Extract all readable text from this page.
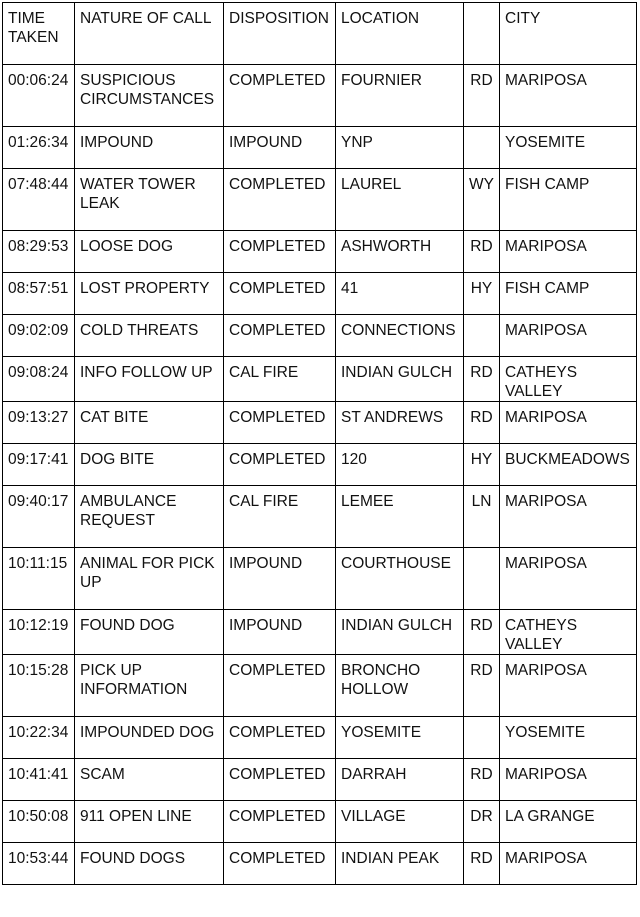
TIME TAKEN	NATURE OF CALL	DISPOSITION	LOCATION		CITY
00:06:24	SUSPICIOUS CIRCUMSTANCES	COMPLETED	FOURNIER	RD	MARIPOSA
01:26:34	IMPOUND	IMPOUND	YNP		YOSEMITE
07:48:44	WATER TOWER LEAK	COMPLETED	LAUREL	WY	FISH CAMP
08:29:53	LOOSE DOG	COMPLETED	ASHWORTH	RD	MARIPOSA
08:57:51	LOST PROPERTY	COMPLETED	41	HY	FISH CAMP
09:02:09	COLD THREATS	COMPLETED	CONNECTIONS		MARIPOSA
09:08:24	INFO FOLLOW UP	CAL FIRE	INDIAN GULCH	RD	CATHEYS VALLEY
09:13:27	CAT BITE	COMPLETED	ST ANDREWS	RD	MARIPOSA
09:17:41	DOG BITE	COMPLETED	120	HY	BUCKMEADOWS
09:40:17	AMBULANCE REQUEST	CAL FIRE	LEMEE	LN	MARIPOSA
10:11:15	ANIMAL FOR PICK UP	IMPOUND	COURTHOUSE		MARIPOSA
10:12:19	FOUND DOG	IMPOUND	INDIAN GULCH	RD	CATHEYS VALLEY
10:15:28	PICK UP INFORMATION	COMPLETED	BRONCHO HOLLOW	RD	MARIPOSA
10:22:34	IMPOUNDED DOG	COMPLETED	YOSEMITE		YOSEMITE
10:41:41	SCAM	COMPLETED	DARRAH	RD	MARIPOSA
10:50:08	911 OPEN LINE	COMPLETED	VILLAGE	DR	LA GRANGE
10:53:44	FOUND DOGS	COMPLETED	INDIAN PEAK	RD	MARIPOSA
